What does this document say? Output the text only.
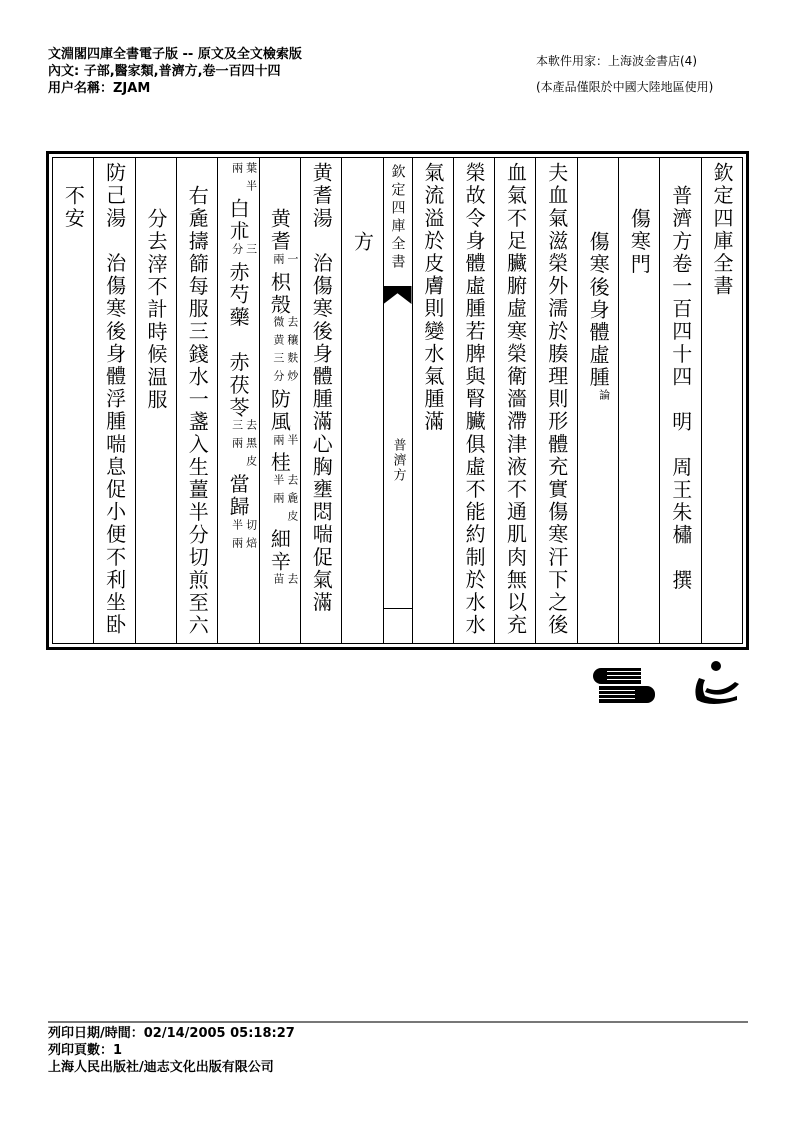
文淵閣四庫全書電子版 -- 原文及全文檢索版
內文: 子部,醫家類,普濟方,卷一百四十四
用户名稱：ZJAM
本軟件用家：上海波金書店(4)
(本產品僅限於中國大陸地區使用)
欽定四庫全書
普濟方卷一百四十四　明　周王朱橚　撰
傷寒門
傷寒後身體虛腫
論
夫血氣滋榮外濡於腠理則形體充實傷寒汗下之後
血氣不足臟腑虛寒榮衛濇滯津液不通肌肉無以充
榮故令身體虛腫若脾與腎臟俱虛不能約制於水水
氣流溢於皮膚則變水氣腫滿
欽定四庫全書
普濟方
方
黄耆湯　治傷寒後身體腫滿心胸壅悶喘促氣滿
黄耆
一
兩
枳殼
去穰麩炒
微黄三分
防風
半
兩
桂
去麁皮
半兩
細辛
去
苗
葉半
兩
白朮
三
分
赤芍藥　赤茯苓
去黑皮
三兩
當歸
切焙
半兩
右麁擣篩每服三錢水一盞入生薑半分切煎至六
分去滓不計時候温服
防己湯　治傷寒後身體浮腫喘息促小便不利坐卧
不安
列印日期/時間：02/14/2005 05:18:27
列印頁數：1
上海人民出版社/迪志文化出版有限公司
